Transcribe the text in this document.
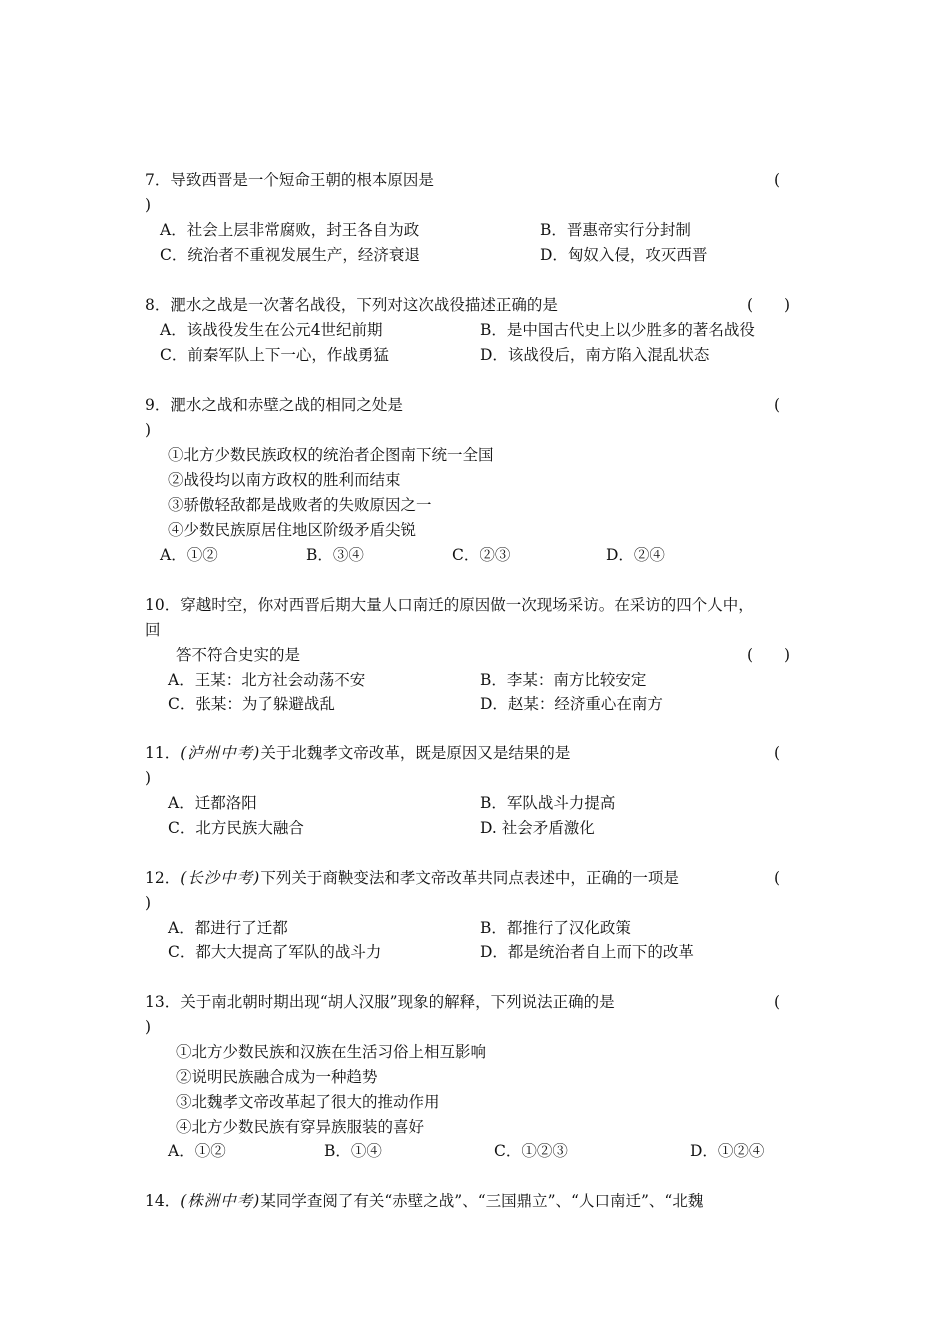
7．导致西晋是一个短命王朝的根本原因是	(
)
A．社会上层非常腐败，封王各自为政	B．晋惠帝实行分封制
C．统治者不重视发展生产，经济衰退	D．匈奴入侵，攻灭西晋
8．淝水之战是一次著名战役，下列对这次战役描述正确的是	(　　)
A．该战役发生在公元4世纪前期	B．是中国古代史上以少胜多的著名战役
C．前秦军队上下一心，作战勇猛	D．该战役后，南方陷入混乱状态
9．淝水之战和赤壁之战的相同之处是	(
)
①北方少数民族政权的统治者企图南下统一全国
②战役均以南方政权的胜利而结束
③骄傲轻敌都是战败者的失败原因之一
④少数民族原居住地区阶级矛盾尖锐
A．①②	B．③④	C．②③	D．②④
10．穿越时空，你对西晋后期大量人口南迁的原因做一次现场采访。在采访的四个人中，
回
答不符合史实的是	(　　)
A．王某：北方社会动荡不安	B．李某：南方比较安定
C．张某：为了躲避战乱	D．赵某：经济重心在南方
11．(泸州中考)关于北魏孝文帝改革，既是原因又是结果的是	(
)
A．迁都洛阳	B．军队战斗力提高
C．北方民族大融合	D. 社会矛盾激化
12．(长沙中考)下列关于商鞅变法和孝文帝改革共同点表述中，正确的一项是	(
)
A．都进行了迁都	B．都推行了汉化政策
C．都大大提高了军队的战斗力	D．都是统治者自上而下的改革
13．关于南北朝时期出现“胡人汉服”现象的解释，下列说法正确的是	(
)
①北方少数民族和汉族在生活习俗上相互影响
②说明民族融合成为一种趋势
③北魏孝文帝改革起了很大的推动作用
④北方少数民族有穿异族服装的喜好
A．①②	B．①④	C．①②③	D．①②④
14．(株洲中考)某同学查阅了有关“赤壁之战”、“三国鼎立”、“人口南迁”、“北魏
